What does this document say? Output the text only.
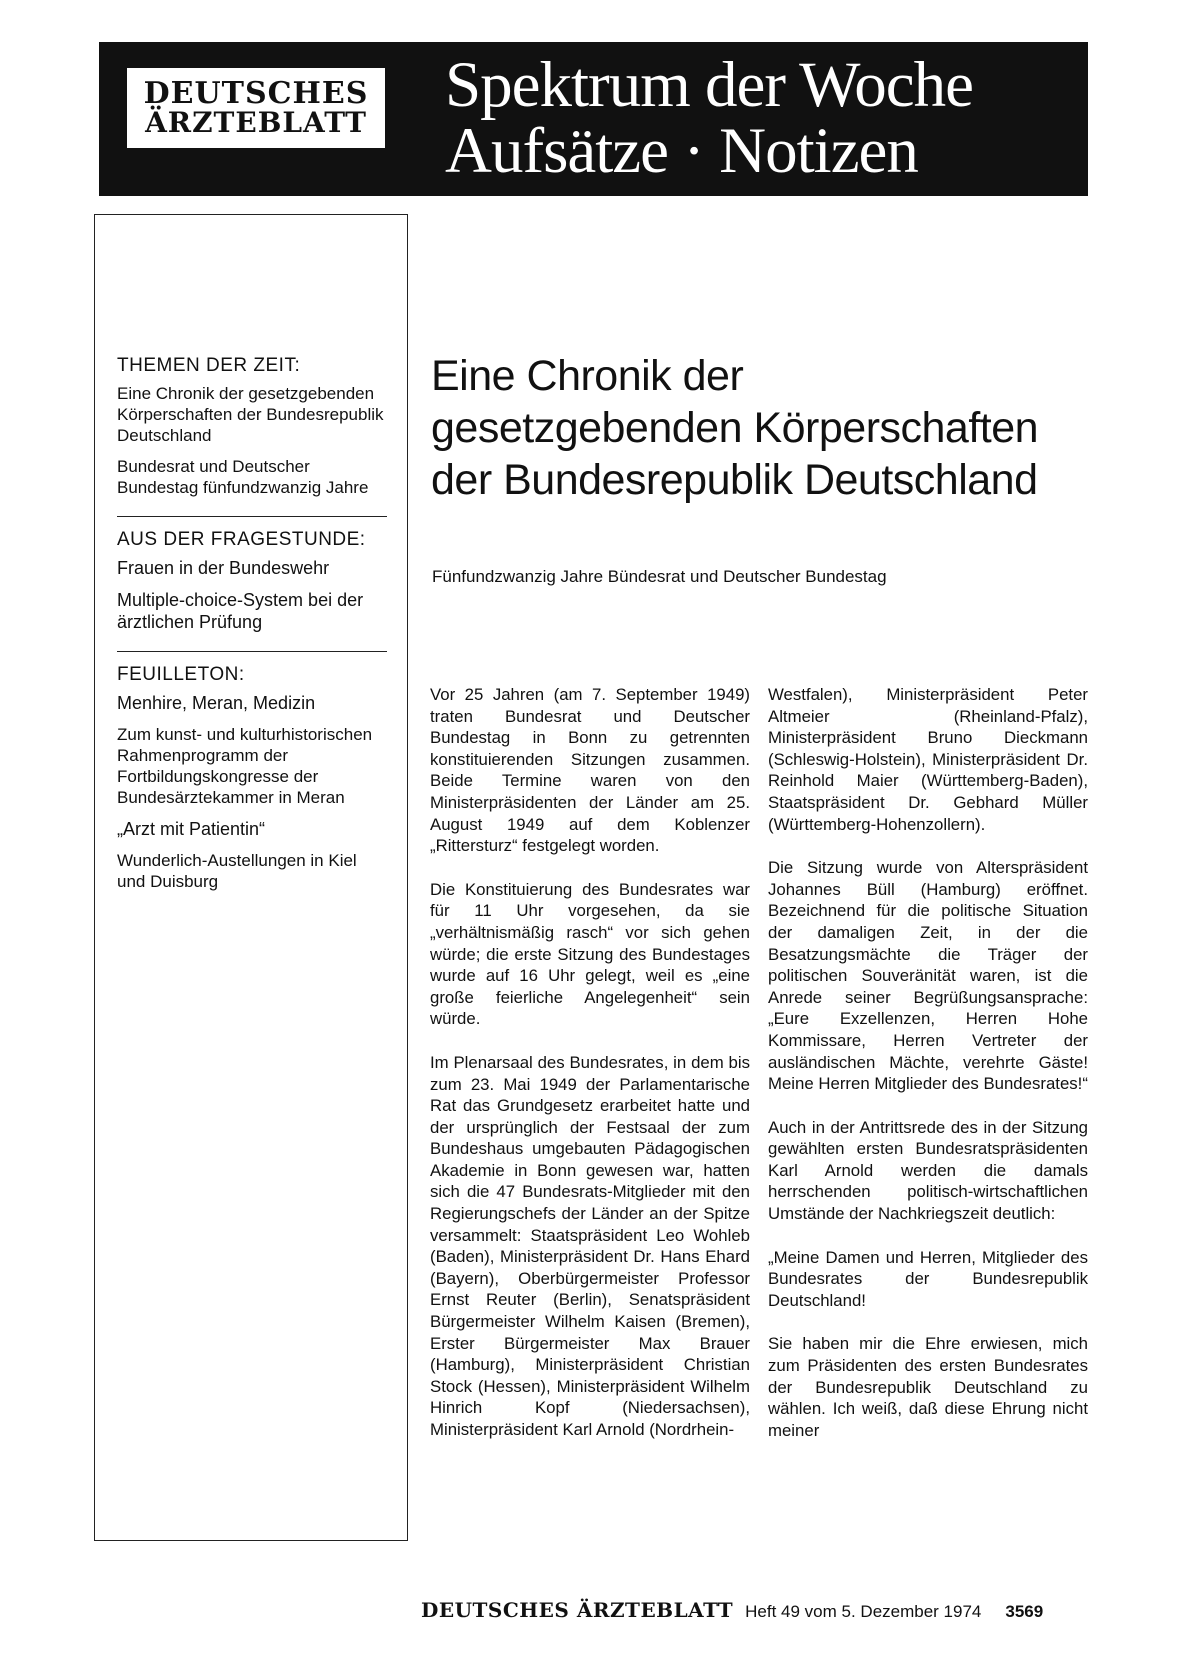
DEUTSCHES
ÄRZTEBLATT
Spektrum der Woche
Aufsätze · Notizen
THEMEN DER ZEIT:
Eine Chronik der gesetzgebenden Körperschaften der Bundesrepublik Deutschland
Bundesrat und Deutscher Bundestag fünfundzwanzig Jahre
AUS DER FRAGESTUNDE:
Frauen in der Bundeswehr
Multiple-choice-System bei der ärztlichen Prüfung
FEUILLETON:
Menhire, Meran, Medizin
Zum kunst- und kulturhistorischen Rahmenprogramm der Fortbildungskongresse der Bundesärztekammer in Meran
„Arzt mit Patientin“
Wunderlich-Austellungen in Kiel und Duisburg
Eine Chronik der
gesetzgebenden Körperschaften
der Bundesrepublik Deutschland
Fünfundzwanzig Jahre Bündesrat und Deutscher Bundestag

Vor 25 Jahren (am 7. September 1949) traten Bundesrat und Deutscher Bundestag in Bonn zu getrennten konstituierenden Sitzungen zusammen. Beide Termine waren von den Ministerpräsidenten der Länder am 25. August 1949 auf dem Koblenzer „Rittersturz“ festgelegt worden.

Die Konstituierung des Bundesrates war für 11 Uhr vorgesehen, da sie „verhältnismäßig rasch“ vor sich gehen würde; die erste Sitzung des Bundestages wurde auf 16 Uhr gelegt, weil es „eine große feierliche Angelegenheit“ sein würde.

Im Plenarsaal des Bundesrates, in dem bis zum 23. Mai 1949 der Parlamentarische Rat das Grundgesetz erarbeitet hatte und der ursprünglich der Festsaal der zum Bundeshaus umgebauten Pädagogischen Akademie in Bonn gewesen war, hatten sich die 47 Bundesrats-Mitglieder mit den Regierungschefs der Länder an der Spitze versammelt: Staatspräsident Leo Wohleb (Baden), Ministerpräsident Dr. Hans Ehard (Bayern), Oberbürgermeister Professor Ernst Reuter (Berlin), Senatspräsident Bürgermeister Wilhelm Kaisen (Bremen), Erster Bürgermeister Max Brauer (Hamburg), Ministerpräsident Christian Stock (Hessen), Ministerpräsident Wilhelm Hinrich Kopf (Niedersachsen), Ministerpräsident Karl Arnold (Nordrhein-

Westfalen), Ministerpräsident Peter Altmeier (Rheinland-Pfalz), Ministerpräsident Bruno Dieckmann (Schleswig-Holstein), Ministerpräsident Dr. Reinhold Maier (Württemberg-Baden), Staatspräsident Dr. Gebhard Müller (Württemberg-Hohenzollern).

Die Sitzung wurde von Alterspräsident Johannes Büll (Hamburg) eröffnet. Bezeichnend für die politische Situation der damaligen Zeit, in der die Besatzungsmächte die Träger der politischen Souveränität waren, ist die Anrede seiner Begrüßungsansprache: „Eure Exzellenzen, Herren Hohe Kommissare, Herren Vertreter der ausländischen Mächte, verehrte Gäste! Meine Herren Mitglieder des Bundesrates!“

Auch in der Antrittsrede des in der Sitzung gewählten ersten Bundesratspräsidenten Karl Arnold werden die damals herrschenden politisch-wirtschaftlichen Umstände der Nachkriegszeit deutlich:

„Meine Damen und Herren, Mitglieder des Bundesrates der Bundesrepublik Deutschland!

Sie haben mir die Ehre erwiesen, mich zum Präsidenten des ersten Bundesrates der Bundesrepublik Deutschland zu wählen. Ich weiß, daß diese Ehrung nicht meiner

DEUTSCHES ÄRZTEBLATT Heft 49 vom 5. Dezember 1974 3569
